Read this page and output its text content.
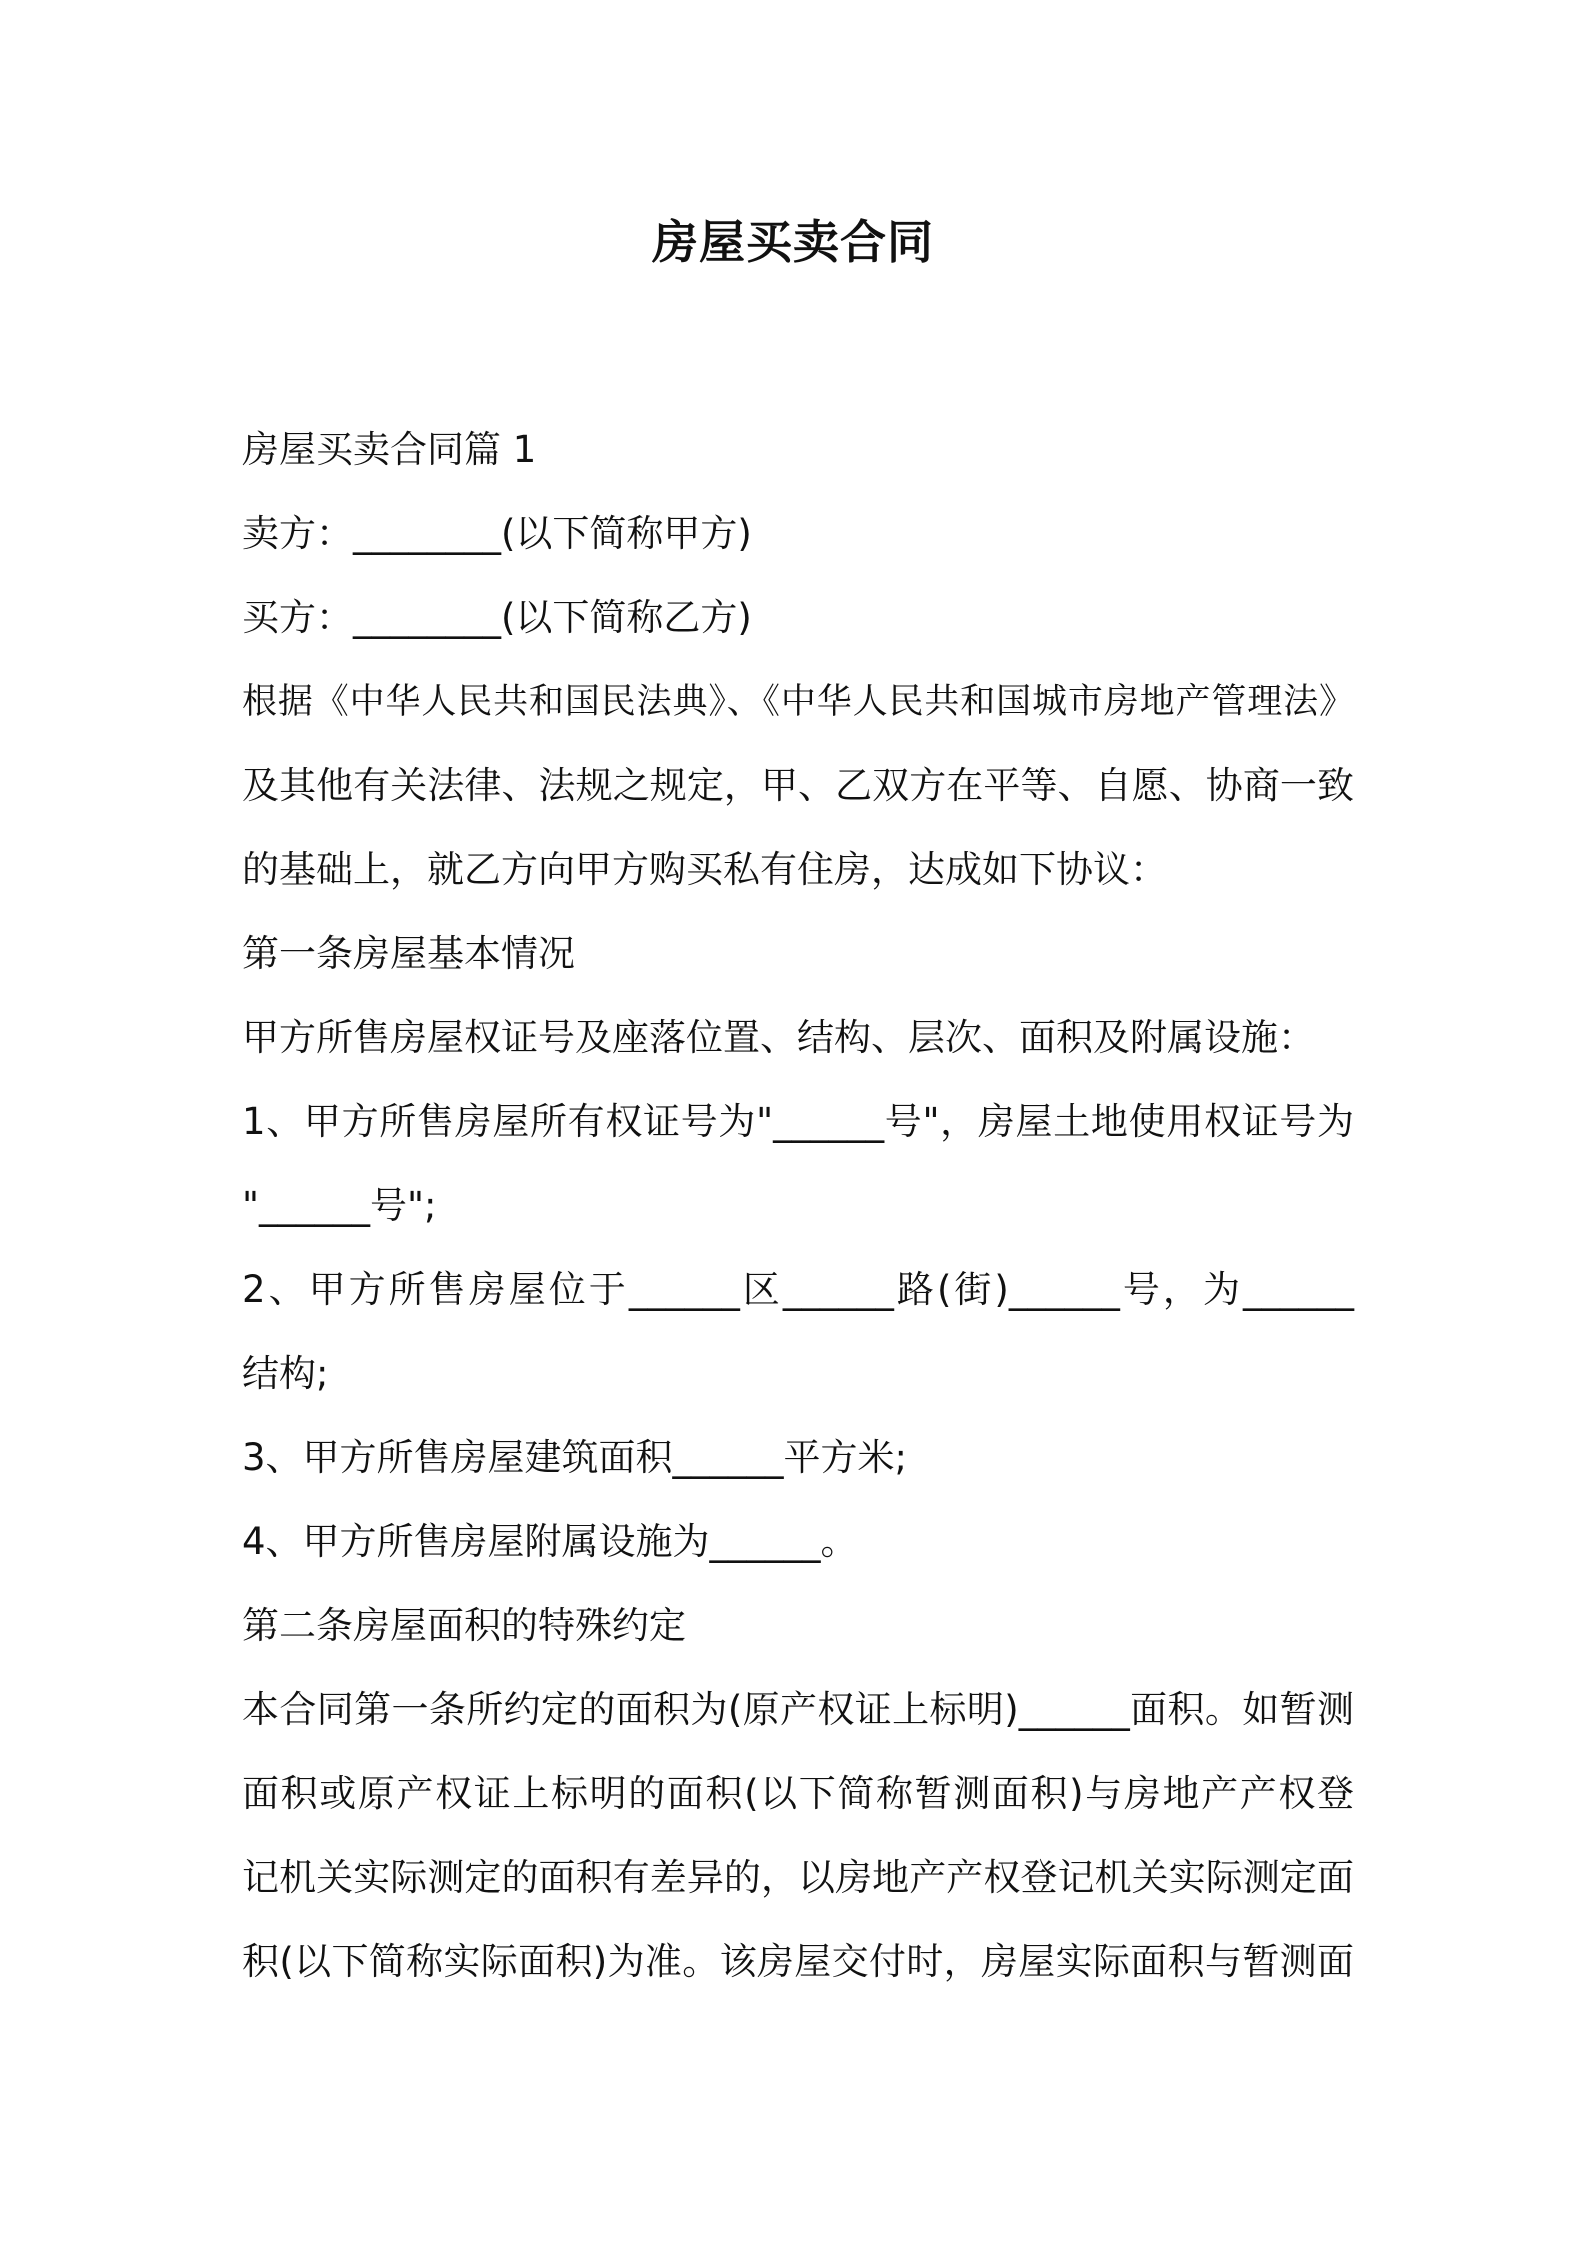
房屋买卖合同

房屋买卖合同篇 1

卖方：________(以下简称甲方)

买方：________(以下简称乙方)

根据《中华人民共和国民法典》、《中华人民共和国城市房地产管理法》

及其他有关法律、法规之规定，甲、乙双方在平等、自愿、协商一致

的基础上，就乙方向甲方购买私有住房，达成如下协议：

第一条房屋基本情况

甲方所售房屋权证号及座落位置、结构、层次、面积及附属设施：

1、甲方所售房屋所有权证号为"______号"，房屋土地使用权证号为

"______号";

2、甲方所售房屋位于______区______路(街)______号，为______

结构;

3、甲方所售房屋建筑面积______平方米;

4、甲方所售房屋附属设施为______。

第二条房屋面积的特殊约定

本合同第一条所约定的面积为(原产权证上标明)______面积。如暂测

面积或原产权证上标明的面积(以下简称暂测面积)与房地产产权登

记机关实际测定的面积有差异的，以房地产产权登记机关实际测定面

积(以下简称实际面积)为准。该房屋交付时，房屋实际面积与暂测面
